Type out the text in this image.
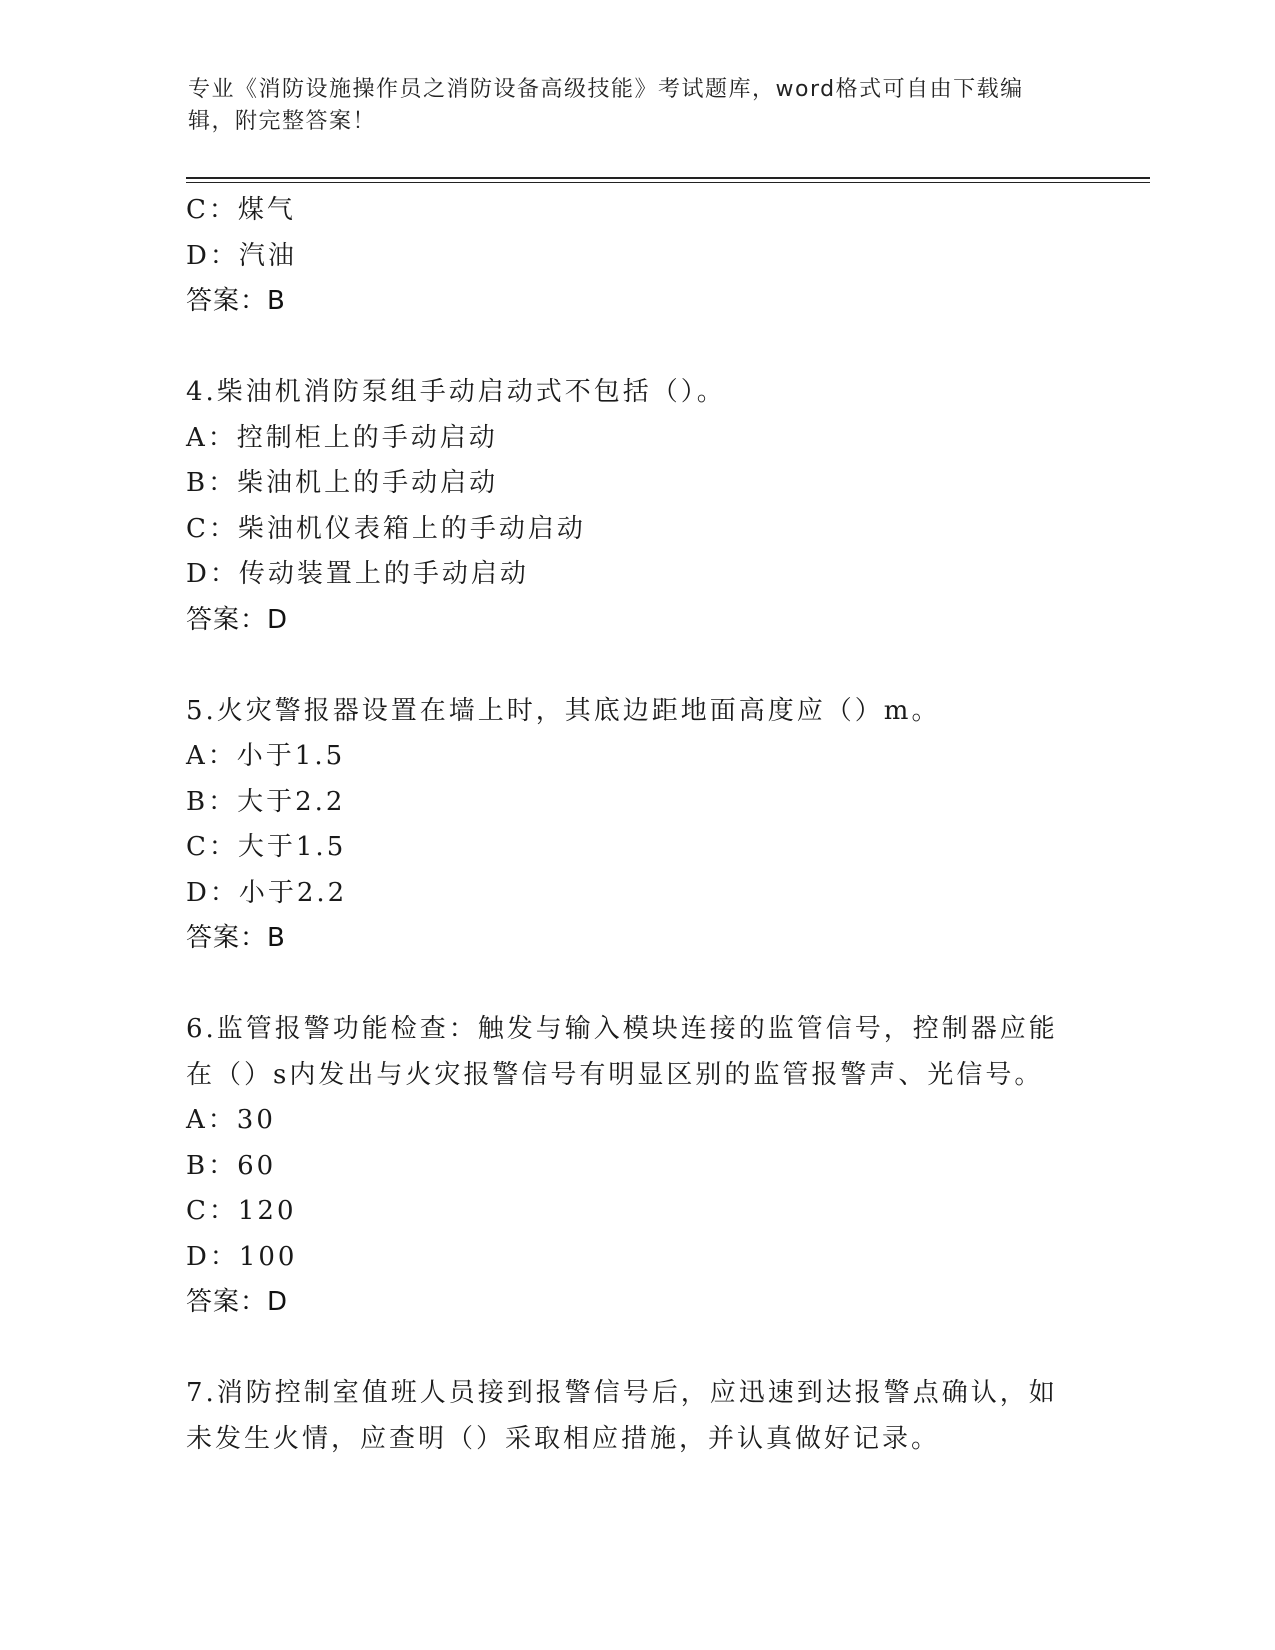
专业《消防设施操作员之消防设备高级技能》考试题库，word格式可自由下载编辑，附完整答案！
C：煤气
D：汽油
答案：B
4.柴油机消防泵组手动启动式不包括（）。
A：控制柜上的手动启动
B：柴油机上的手动启动
C：柴油机仪表箱上的手动启动
D：传动装置上的手动启动
答案：D
5.火灾警报器设置在墙上时，其底边距地面高度应（）m。
A：小于1.5
B：大于2.2
C：大于1.5
D：小于2.2
答案：B
6.监管报警功能检查：触发与输入模块连接的监管信号，控制器应能在（）s内发出与火灾报警信号有明显区别的监管报警声、光信号。
A：30
B：60
C：120
D：100
答案：D
7.消防控制室值班人员接到报警信号后，应迅速到达报警点确认，如未发生火情，应查明（）采取相应措施，并认真做好记录。
